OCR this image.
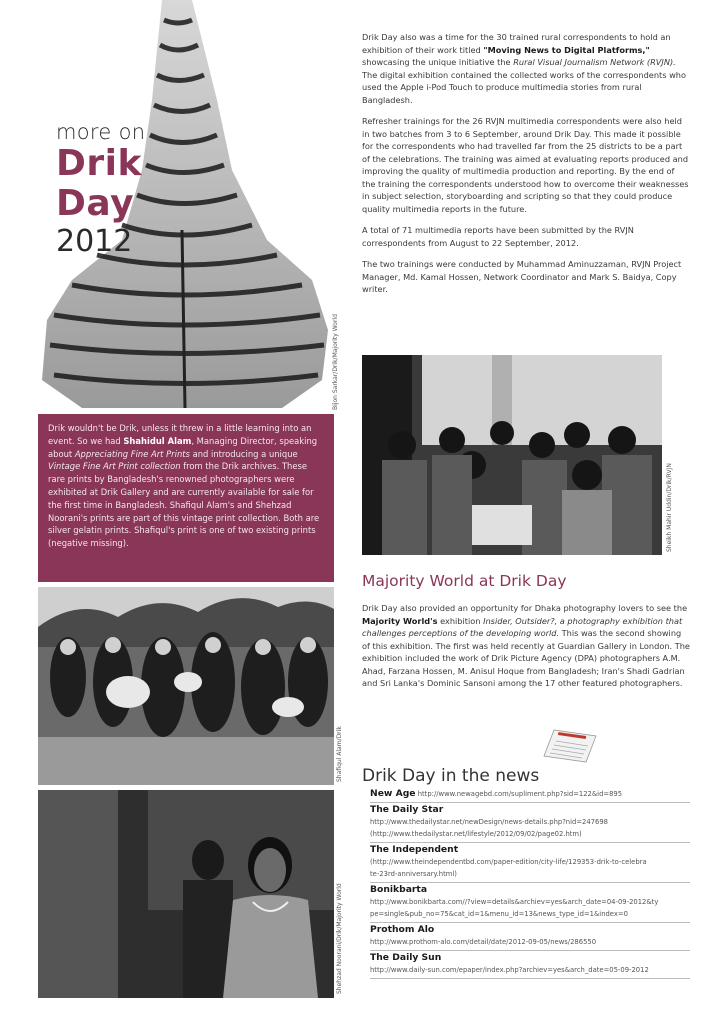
more on
Drik
Day
2012
Bijon Sarkar/Drik/Majority World
Drik wouldn't be Drik, unless it threw in a little learning into an event. So we had Shahidul Alam, Managing Director, speaking about Appreciating Fine Art Prints and introducing a unique Vintage Fine Art Print collection from the Drik archives. These rare prints by Bangladesh's renowned photographers were exhibited at Drik Gallery and are currently available for sale for the first time in Bangladesh. Shafiqul Alam's and Shehzad Noorani's prints are part of this vintage print collection. Both are silver gelatin prints. Shafiqul's print is one of two existing prints (negative missing).
Shafiqul Alam/Drik
Shehzad Noorani/Drik/Majority World

Drik Day also was a time for the 30 trained rural correspondents to hold an exhibition of their work titled "Moving News to Digital Platforms," showcasing the unique initiative the Rural Visual Journalism Network (RVJN). The digital exhibition contained the collected works of the correspondents who used the Apple i-Pod Touch to produce multimedia stories from rural Bangladesh.

Refresher trainings for the 26 RVJN multimedia correspondents were also held in two batches from 3 to 6 September, around Drik Day. This made it possible for the correspondents who had travelled far from the 25 districts to be a part of the celebrations. The training was aimed at evaluating reports produced and improving the quality of multimedia production and reporting. By the end of the training the correspondents understood how to overcome their weaknesses in subject selection, storyboarding and scripting so that they could produce quality multimedia reports in the future.

A total of 71 multimedia reports have been submitted by the RVJN correspondents from August to 22 September, 2012.

The two trainings were conducted by Muhammad Aminuzzaman, RVJN Project Manager, Md. Kamal Hossen, Network Coordinator and Mark S. Baidya, Copy writer.

Sheikh Mahir Uddin/Drik/RVJN
Majority World at Drik Day

Drik Day also provided an opportunity for Dhaka photography lovers to see the Majority World's exhibition Insider, Outsider?, a photography exhibition that challenges perceptions of the developing world. This was the second showing of this exhibition. The first was held recently at Guardian Gallery in London. The exhibition included the work of Drik Picture Agency (DPA) photographers A.M. Ahad, Farzana Hossen, M. Anisul Hoque from Bangladesh; Iran's Shadi Gadrian and Sri Lanka's Dominic Sansoni among the 17 other featured photographers.

Drik Day in the news
New Age http://www.newagebd.com/supliment.php?sid=122&id=895
The Daily Star
http://www.thedailystar.net/newDesign/news-details.php?nid=247698
(http://www.thedailystar.net/lifestyle/2012/09/02/page02.htm)
The Independent
(http://www.theindependentbd.com/paper-edition/city-life/129353-drik-to-celebra
te-23rd-anniversary.html)
Bonikbarta
http://www.bonikbarta.com//?view=details&archiev=yes&arch_date=04-09-2012&ty
pe=single&pub_no=75&cat_id=1&menu_id=13&news_type_id=1&index=0
Prothom Alo
http://www.prothom-alo.com/detail/date/2012-09-05/news/286550
The Daily Sun
http://www.daily-sun.com/epaper/index.php?archiev=yes&arch_date=05-09-2012
